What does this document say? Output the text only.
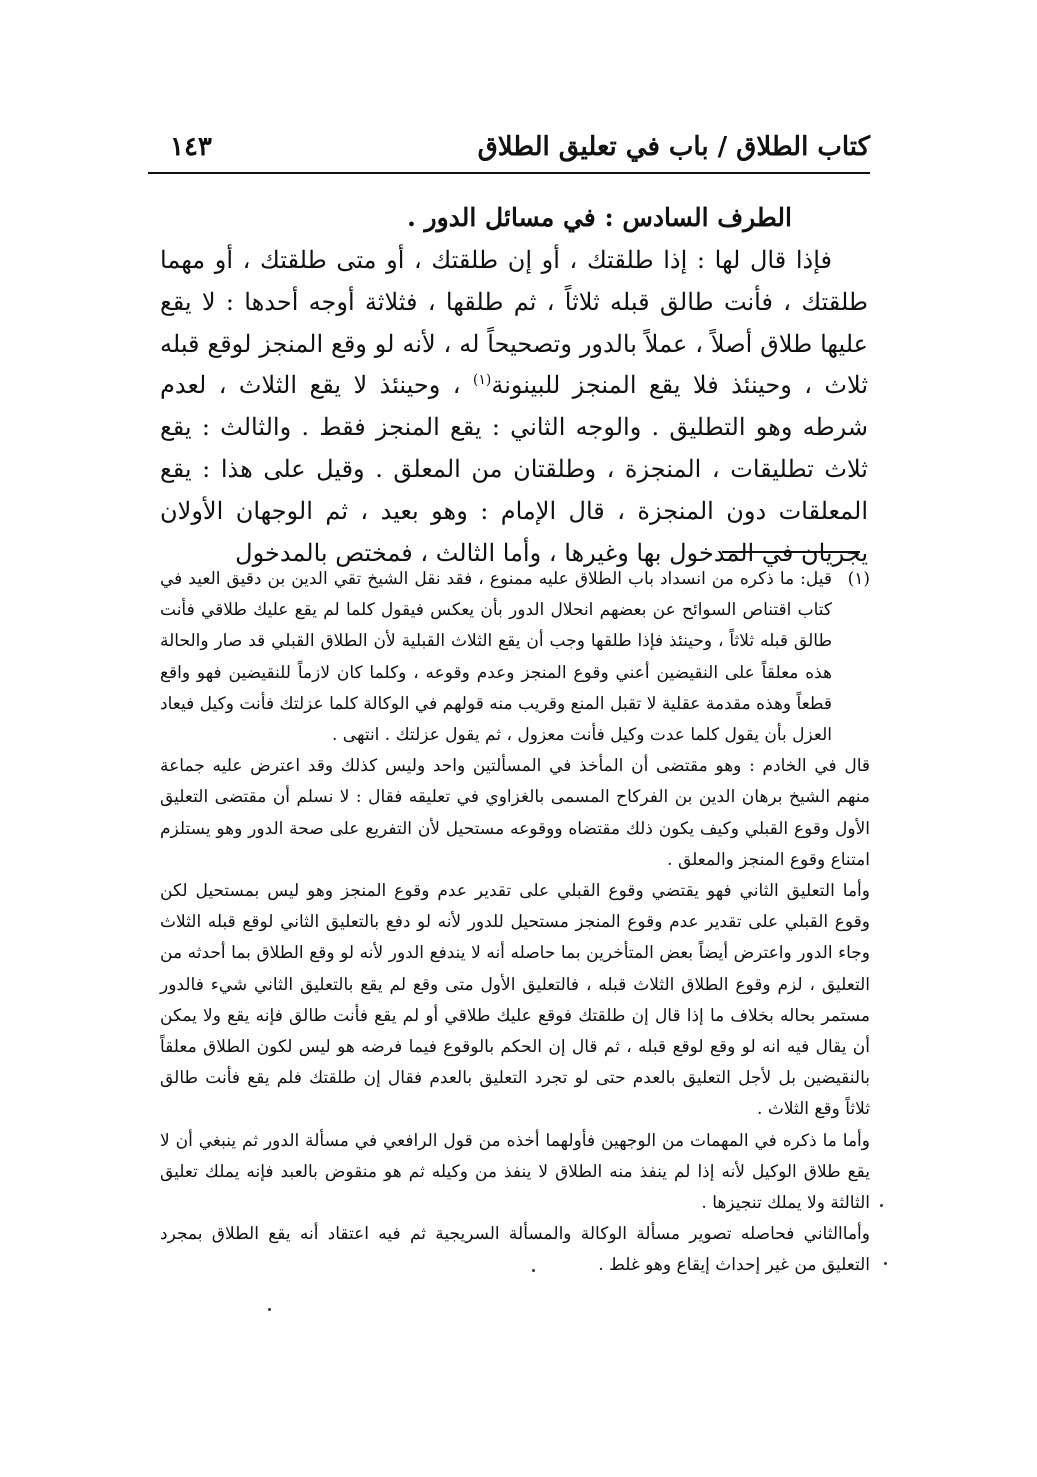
كتاب الطلاق / باب في تعليق الطلاق
١٤٣

الطرف السادس : في مسائل الدور .

فإذا قال لها : إذا طلقتك ، أو إن طلقتك ، أو متى طلقتك ، أو مهما طلقتك ، فأنت طالق قبله ثلاثاً ، ثم طلقها ، فثلاثة أوجه أحدها : لا يقع عليها طلاق أصلاً ، عملاً بالدور وتصحيحاً له ، لأنه لو وقع المنجز لوقع قبله ثلاث ، وحينئذ فلا يقع المنجز للبينونة$^{(١)}$ ، وحينئذ لا يقع الثلاث ، لعدم شرطه وهو التطليق . والوجه الثاني : يقع المنجز فقط . والثالث : يقع ثلاث تطليقات ، المنجزة ، وطلقتان من المعلق . وقيل على هذا : يقع المعلقات دون المنجزة ، قال الإمام : وهو بعيد ، ثم الوجهان الأولان يجريان في المدخول بها وغيرها ، وأما الثالث ، فمختص بالمدخول

(١)قيل: ما ذكره من انسداد باب الطلاق عليه ممنوع ، فقد نقل الشيخ تقي الدين بن دقيق العيد في كتاب اقتناص السوائح عن بعضهم انحلال الدور بأن يعكس فيقول كلما لم يقع عليك طلاقي فأنت طالق قبله ثلاثاً ، وحينئذ فإذا طلقها وجب أن يقع الثلاث القبلية لأن الطلاق القبلي قد صار والحالة هذه معلقاً على النقيضين أعني وقوع المنجز وعدم وقوعه ، وكلما كان لازماً للنقيضين فهو واقع قطعاً وهذه مقدمة عقلية لا تقبل المنع وقريب منه قولهم في الوكالة كلما عزلتك فأنت وكيل فيعاد العزل بأن يقول كلما عدت وكيل فأنت معزول ، ثم يقول عزلتك . انتهى .

قال في الخادم : وهو مقتضى أن المأخذ في المسألتين واحد وليس كذلك وقد اعترض عليه جماعة منهم الشيخ برهان الدين بن الفركاح المسمى بالغزاوي في تعليقه فقال : لا نسلم أن مقتضى التعليق الأول وقوع القبلي وكيف يكون ذلك مقتضاه ووقوعه مستحيل لأن التفريع على صحة الدور وهو يستلزم امتناع وقوع المنجز والمعلق .

وأما التعليق الثاني فهو يقتضي وقوع القبلي على تقدير عدم وقوع المنجز وهو ليس بمستحيل لكن وقوع القبلي على تقدير عدم وقوع المنجز مستحيل للدور لأنه لو دفع بالتعليق الثاني لوقع قبله الثلاث وجاء الدور واعترض أيضاً بعض المتأخرين بما حاصله أنه لا يندفع الدور لأنه لو وقع الطلاق بما أحدثه من التعليق ، لزم وقوع الطلاق الثلاث قبله ، فالتعليق الأول متى وقع لم يقع بالتعليق الثاني شيء فالدور مستمر بحاله بخلاف ما إذا قال إن طلقتك فوقع عليك طلاقي أو لم يقع فأنت طالق فإنه يقع ولا يمكن أن يقال فيه انه لو وقع لوقع قبله ، ثم قال إن الحكم بالوقوع فيما فرضه هو ليس لكون الطلاق معلقاً بالنقيضين بل لأجل التعليق بالعدم حتى لو تجرد التعليق بالعدم فقال إن طلقتك فلم يقع فأنت طالق ثلاثاً وقع الثلاث .

وأما ما ذكره في المهمات من الوجهين فأولهما أخذه من قول الرافعي في مسألة الدور ثم ينبغي أن لا يقع طلاق الوكيل لأنه إذا لم ينفذ منه الطلاق لا ينفذ من وكيله ثم هو منقوض بالعبد فإنه يملك تعليق الثالثة ولا يملك تنجيزها .

وأماالثاني فحاصله تصوير مسألة الوكالة والمسألة السريجية ثم فيه اعتقاد أنه يقع الطلاق بمجرد التعليق من غير إحداث إيقاع وهو غلط .
